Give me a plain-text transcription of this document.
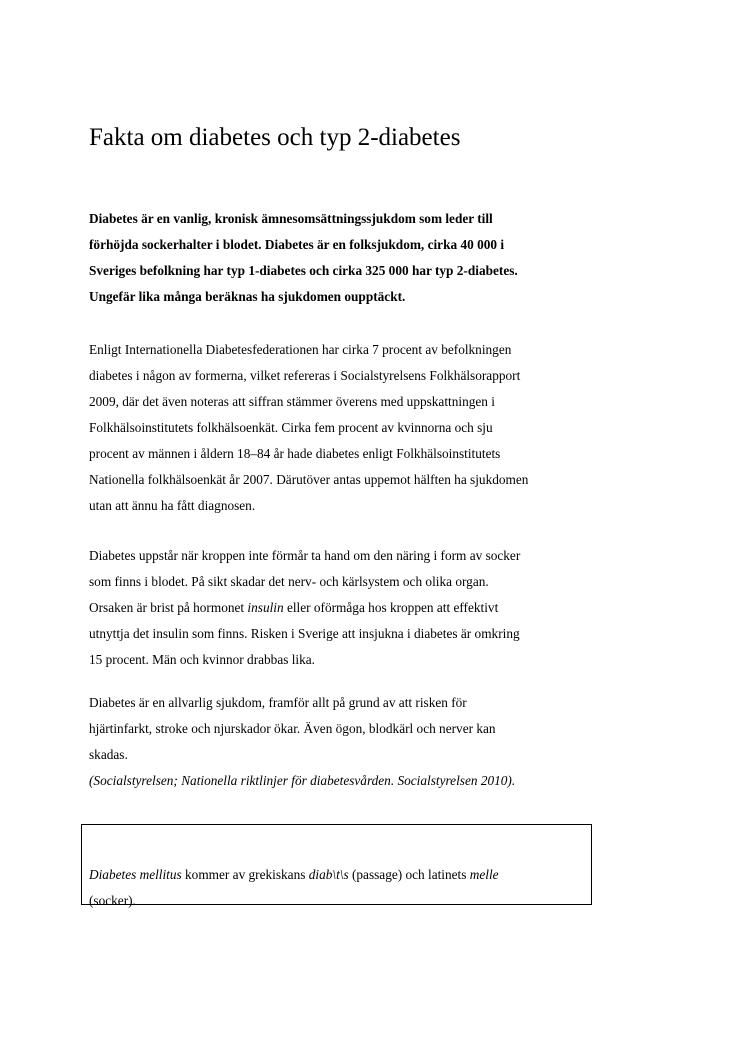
Fakta om diabetes och typ 2-diabetes

Diabetes är en vanlig, kronisk ämnesomsättningssjukdom som leder till
förhöjda sockerhalter i blodet. Diabetes är en folksjukdom, cirka 40 000 i
Sveriges befolkning har typ 1-diabetes och cirka 325 000 har typ 2-diabetes.
Ungefär lika många beräknas ha sjukdomen oupptäckt.

Enligt Internationella Diabetesfederationen har cirka 7 procent av befolkningen
diabetes i någon av formerna, vilket refereras i Socialstyrelsens Folkhälsorapport
2009, där det även noteras att siffran stämmer överens med uppskattningen i
Folkhälsoinstitutets folkhälsoenkät. Cirka fem procent av kvinnorna och sju
procent av männen i åldern 18–84 år hade diabetes enligt Folkhälsoinstitutets
Nationella folkhälsoenkät år 2007. Därutöver antas uppemot hälften ha sjukdomen
utan att ännu ha fått diagnosen.

Diabetes uppstår när kroppen inte förmår ta hand om den näring i form av socker
som finns i blodet. På sikt skadar det nerv- och kärlsystem och olika organ.
Orsaken är brist på hormonet insulin eller oförmåga hos kroppen att effektivt
utnyttja det insulin som finns. Risken i Sverige att insjukna i diabetes är omkring
15 procent. Män och kvinnor drabbas lika.

Diabetes är en allvarlig sjukdom, framför allt på grund av att risken för
hjärtinfarkt, stroke och njurskador ökar. Även ögon, blodkärl och nerver kan
skadas.
(Socialstyrelsen; Nationella riktlinjer för diabetesvården. Socialstyrelsen 2010).

Diabetes mellitus kommer av grekiskans diab\t\s (passage) och latinets melle
(socker).
